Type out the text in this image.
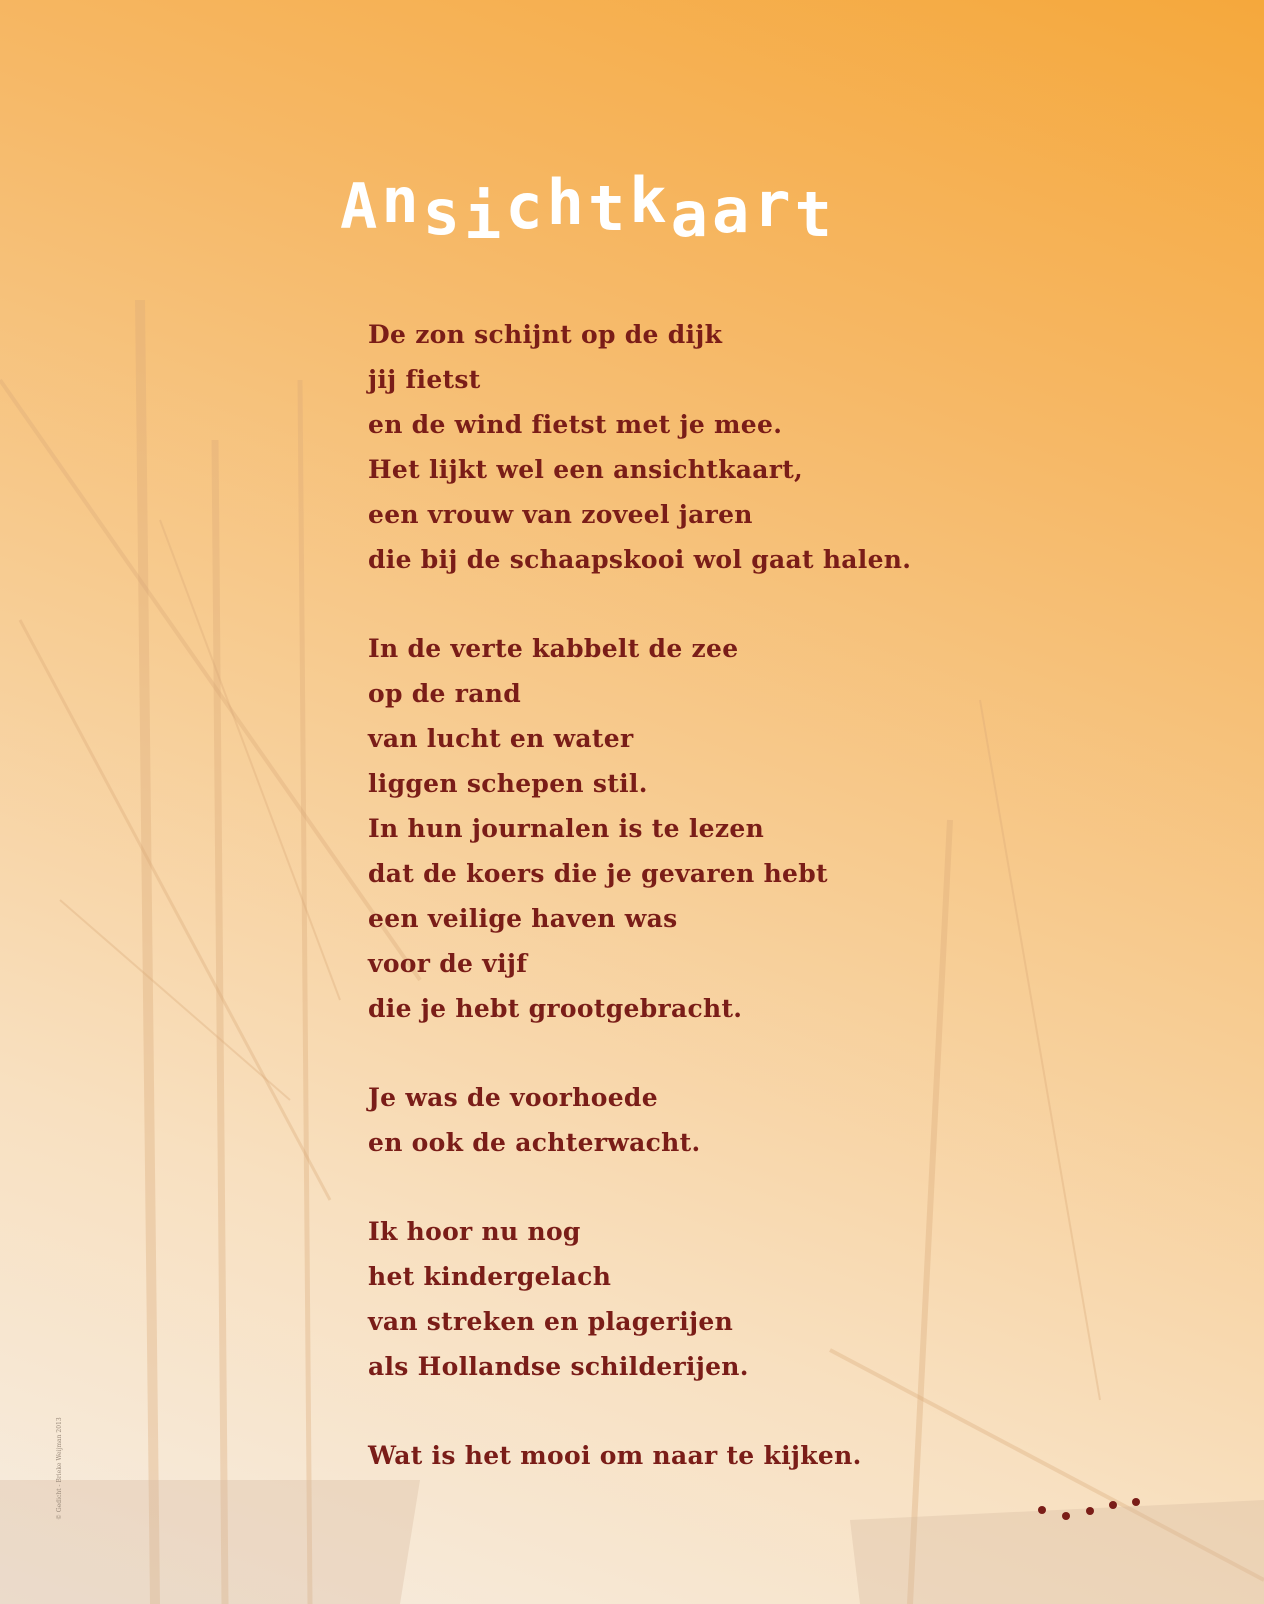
Ansichtkaart
De zon schijnt op de dijk
jij fietst
en de wind fietst met je mee.
Het lijkt wel een ansichtkaart,
een vrouw van zoveel jaren
die bij de schaapskooi wol gaat halen.
In de verte kabbelt de zee
op de rand
van lucht en water
liggen schepen stil.
In hun journalen is te lezen
dat de koers die je gevaren hebt
een veilige haven was
voor de vijf
die je hebt grootgebracht.
Je was de voorhoede
en ook de achterwacht.
Ik hoor nu nog
het kindergelach
van streken en plagerijen
als Hollandse schilderijen.
Wat is het mooi om naar te kijken.
© Gedicht - Brieke Weijman 2013
